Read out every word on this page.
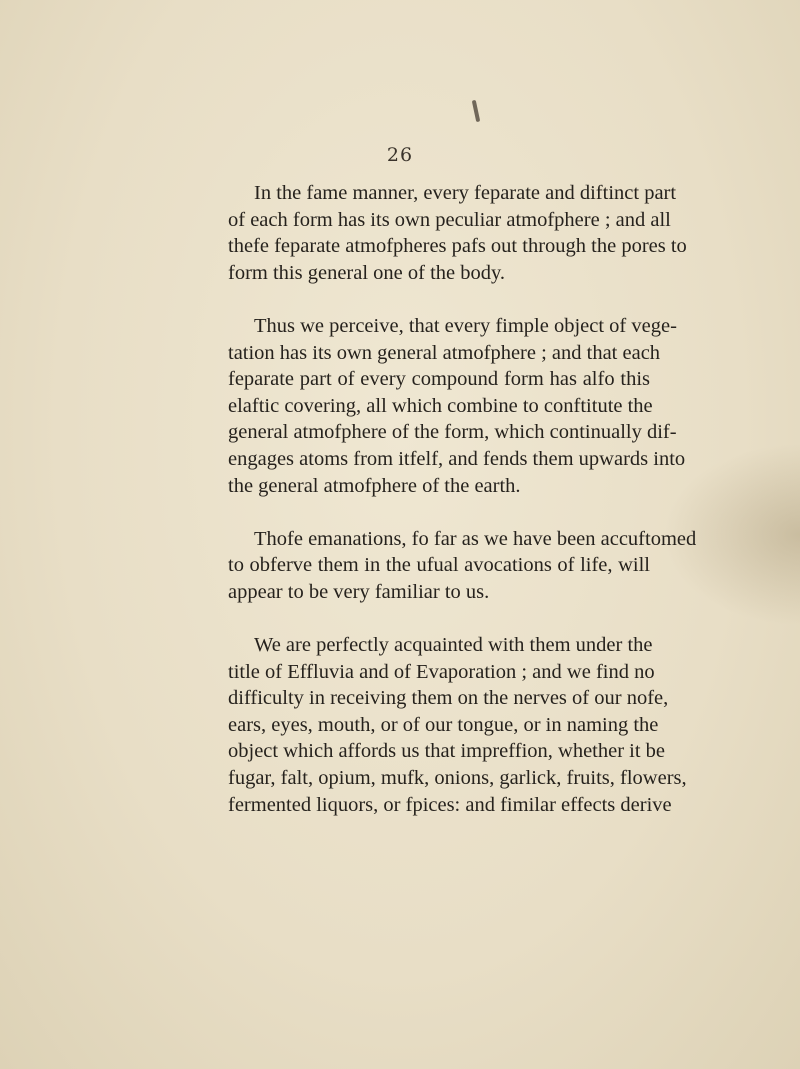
26

In the fame manner, every feparate and diftinct part
of each form has its own peculiar atmofphere ; and all
thefe feparate atmofpheres pafs out through the pores to
form this general one of the body.

Thus we perceive, that every fimple object of vege-
tation has its own general atmofphere ; and that each
feparate part of every compound form has alfo this
elaftic covering, all which combine to conftitute the
general atmofphere of the form, which continually dif-
engages atoms from itfelf, and fends them upwards into
the general atmofphere of the earth.

Thofe emanations, fo far as we have been accuftomed
to obferve them in the ufual avocations of life, will
appear to be very familiar to us.

We are perfectly acquainted with them under the
title of Effluvia and of Evaporation ; and we find no
difficulty in receiving them on the nerves of our nofe,
ears, eyes, mouth, or of our tongue, or in naming the
object which affords us that impreffion, whether it be
fugar, falt, opium, mufk, onions, garlick, fruits, flowers,
fermented liquors, or fpices: and fimilar effects derive
